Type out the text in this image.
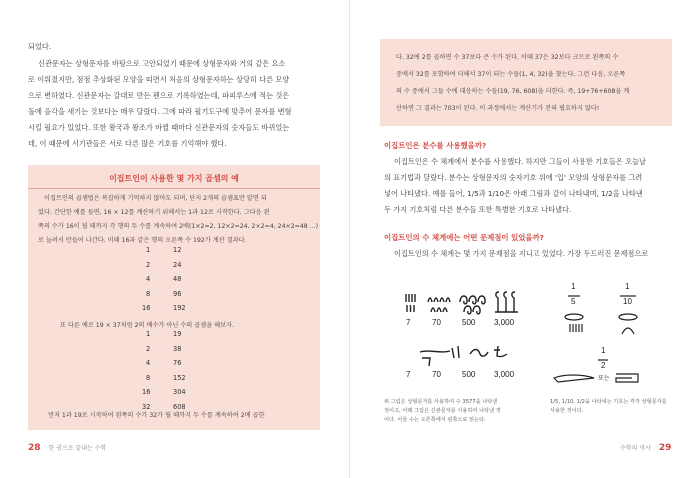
되었다.

신관문자는 상형문자를 바탕으로 고안되었기 때문에 상형문자와 거의 같은 요소

로 이뤄졌지만, 점점 추상화된 모양을 띠면서 처음의 상형문자하는 상당히 다른 모양

으로 변하였다. 신관문자는 갈대로 만든 펜으로 기록하였는데, 파피루스에 적는 것은

돌에 음각을 새기는 것보다는 매우 달랐다. 그에 따라 필기도구에 맞추어 문자를 변형

시킬 필요가 있었다. 또한 왕국과 왕조가 바뀔 때마다 신관문자의 숫자들도 바뀌었는

데, 이 때문에 서기관들은 서로 다른 많은 기호를 기억해야 했다.

이집트인이 사용한 몇 가지 곱셈의 예

이집트인의 곱셈법은 복잡하게 기억하지 않아도 되며, 단지 2개의 곱셈표만 알면 되

었다. 간단한 예를 들면, 16 × 12를 계산하기 위해서는 1과 12로 시작한다. 그다음 왼

쪽의 수가 16이 될 때까지 각 행의 두 수를 계속하여 2배(1×2=2, 12×2=24, 2×2=4, 24×2=48 ...)

로 늘려서 만들어 나간다. 이때 16과 같은 행의 오른쪽 수 192가 계산 결과다.

1	12
2	24
4	48
8	96
16	192

또 다른 예로 19 × 37처럼 2의 배수가 아닌 수의 곱셈을 해보자.

1	19
2	38
4	76
8	152
16	304
32	608

먼저 1과 19로 시작하여 왼쪽의 수가 32가 될 때까지 두 수를 계속하여 2배 곱한

28 한 권으로 끝내는 수학

다. 32에 2를 곱하면 수 37보다 큰 수가 된다. 이때 37은 32보다 크므로 왼쪽의 수

중에서 32를 포함하여 더해서 37이 되는 수들(1, 4, 32)을 찾는다. 그런 다음, 오른쪽

의 수 중에서 그들 수에 대응하는 수들(19, 76, 608)을 더한다. 즉, 19+76+608을 계

산하면 그 결과는 703이 된다. 이 과정에서는 계산기가 전혀 필요하지 않다!

이집트인은 분수를 사용했을까?

이집트인은 수 체계에서 분수를 사용했다. 하지만 그들이 사용한 기호들은 오늘날

의 표기법과 달랐다. 분수는 상형문자의 숫자기호 위에 '입' 모양의 상형문자를 그려

넣어 나타냈다. 예를 들어, 1/5과 1/10은 아래 그림과 같이 나타내며, 1/2을 나타낸

두 가지 기호처럼 다른 분수들 또한 특별한 기호로 나타냈다.

이집트인의 수 체계에는 어떤 문제점이 있었을까?

이집트인의 수 체계는 몇 가지 문제점을 지니고 있었다. 가장 두드러진 문제점으로

7	70	500 3,000
7	70	500 3,000
1
5
1
10
1
2
또는

위 그림은 상형문자를 사용하여 수 3577을 나타낸

것이고, 아래 그림은 신관문자를 사용하여 나타낸 것

이다. 이들 수는 오른쪽에서 왼쪽으로 읽는다.

1/5, 1/10, 1/2을 나타내는 기호는 각각 상형문자를

사용한 것이다.

수학의 역사 29
